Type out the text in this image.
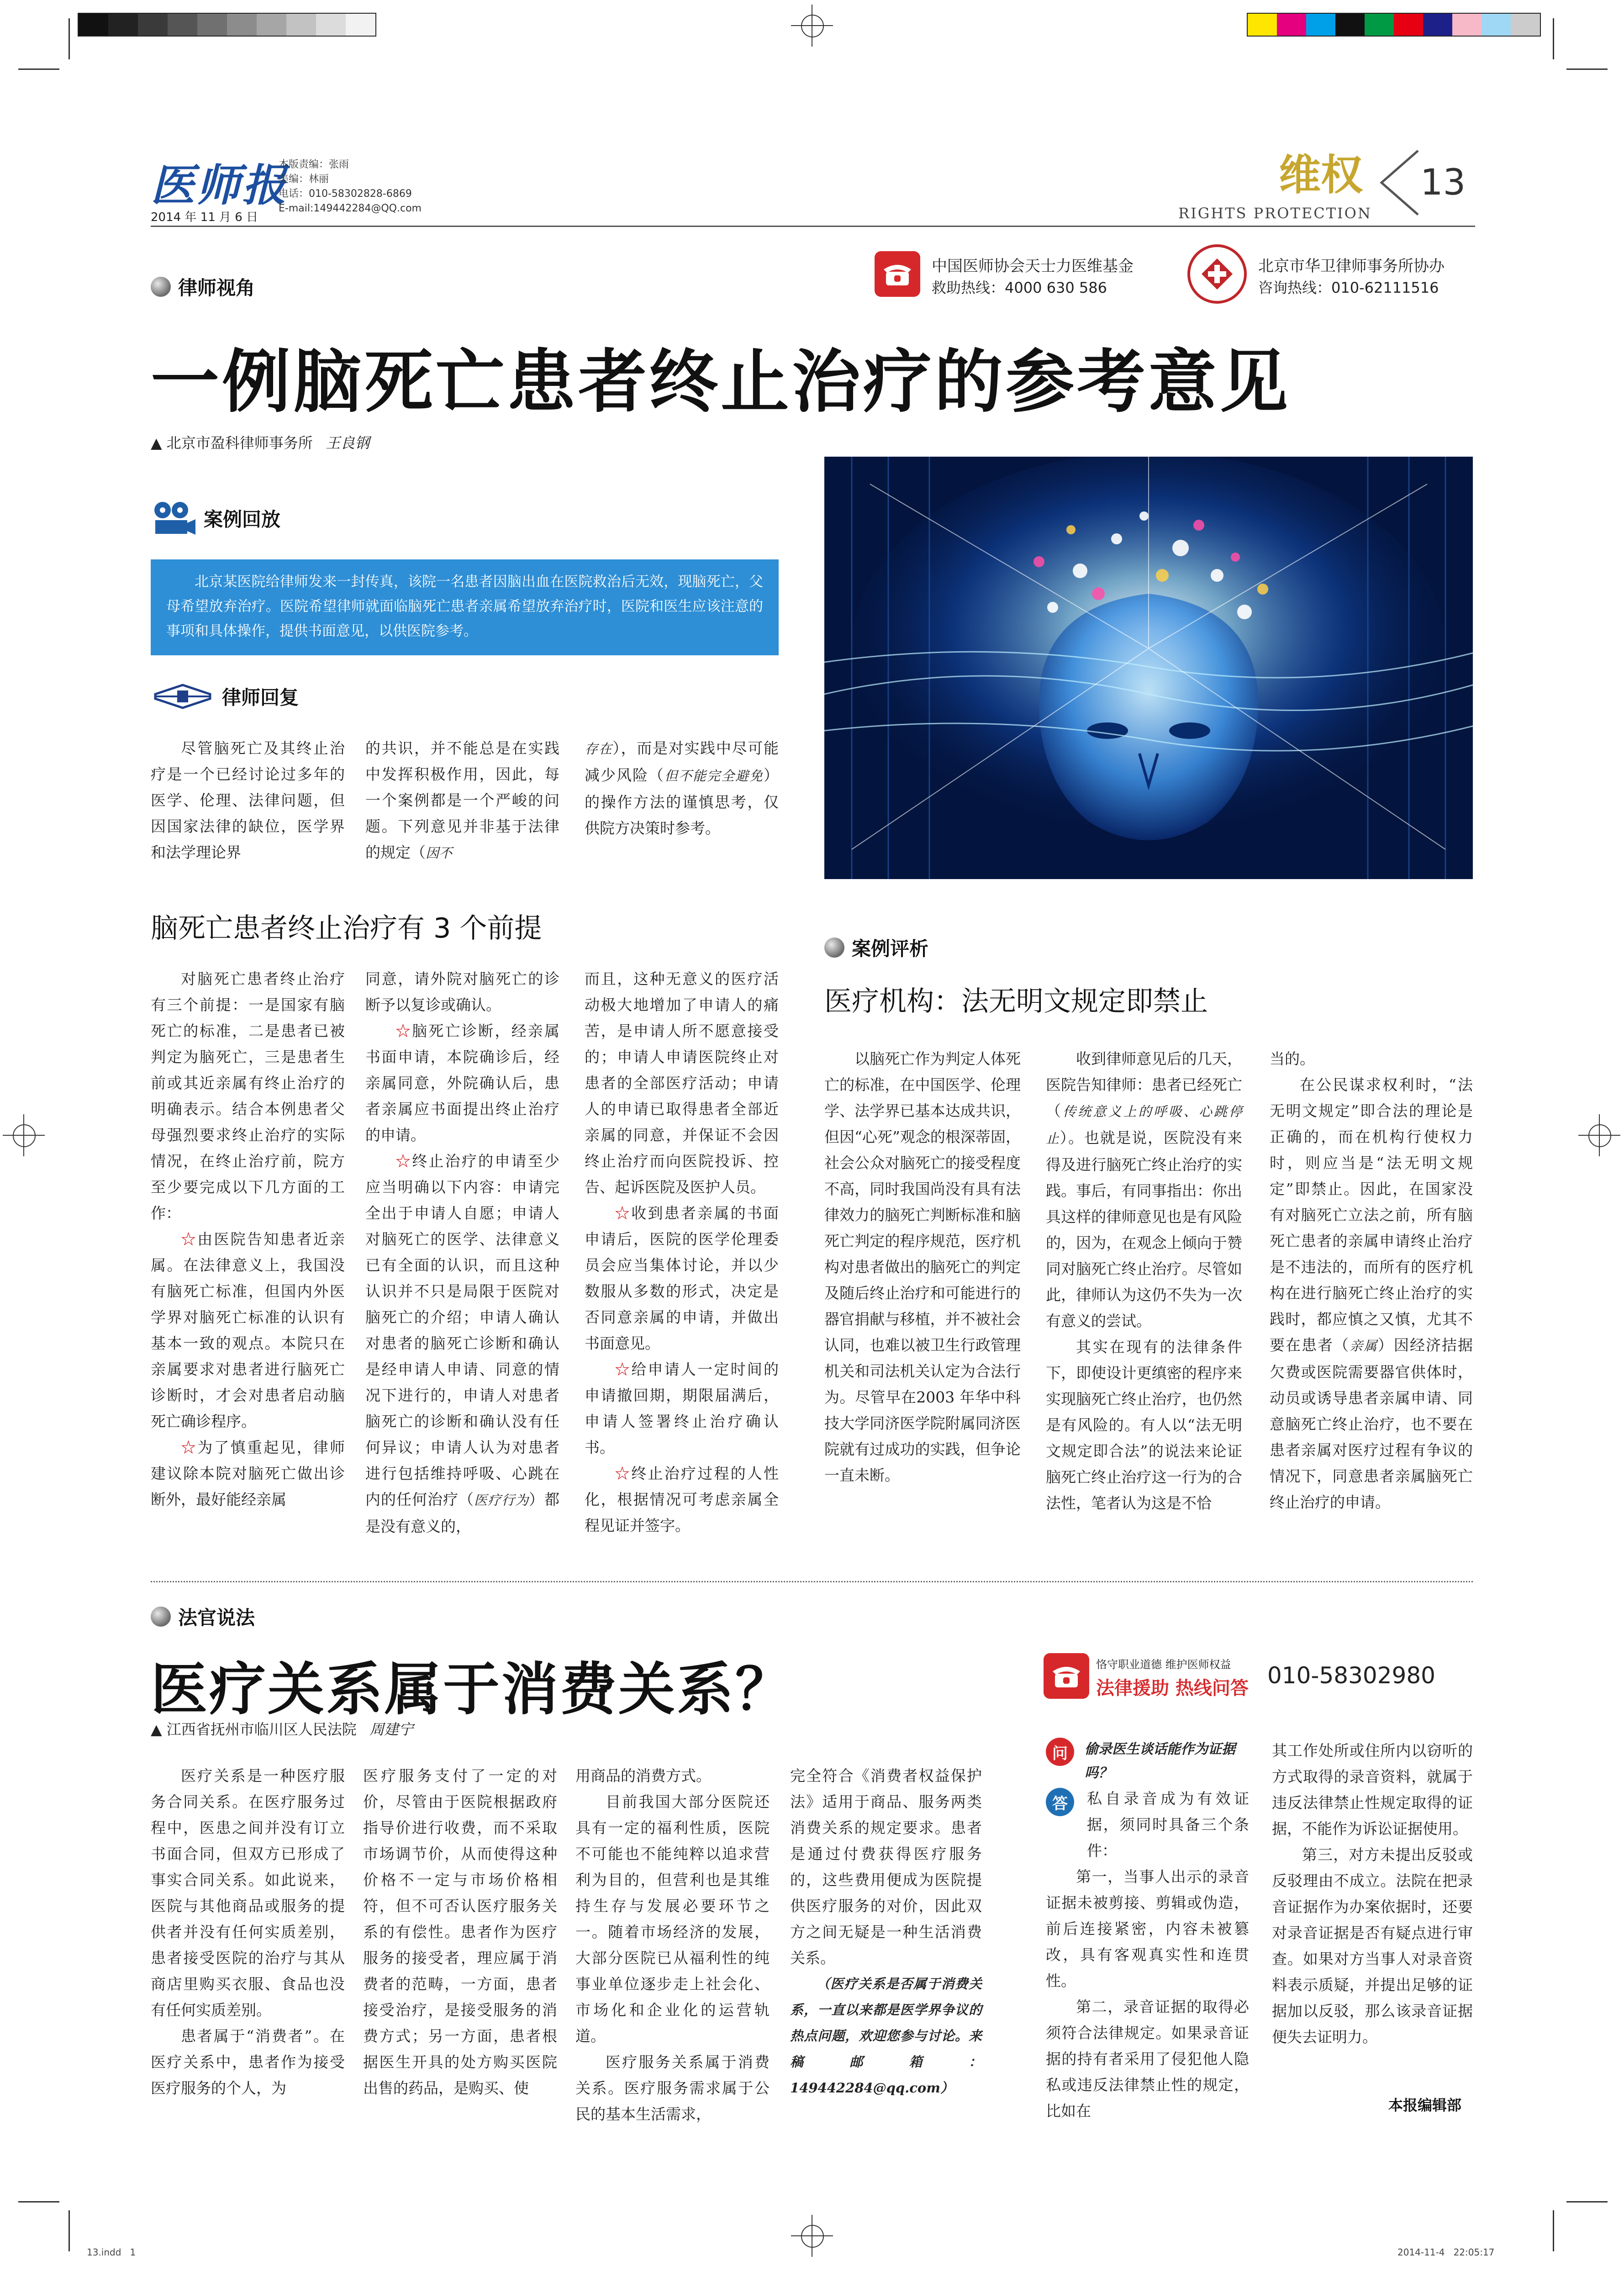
医师报
2014 年 11 月 6 日
本版责编：张雨
美编：林丽
电话：010-58302828-6869
E-mail:149442284@QQ.com
维权 13
RIGHTS PROTECTION
中国医师协会天士力医维基金
救助热线：4000 630 586
北京市华卫律师事务所协办
咨询热线：010-62111516
律师视角
一例脑死亡患者终止治疗的参考意见
▲ 北京市盈科律师事务所 王良钢
案例回放
北京某医院给律师发来一封传真，该院一名患者因脑出血在医院救治后无效，现脑死亡，父母希望放弃治疗。医院希望律师就面临脑死亡患者亲属希望放弃治疗时，医院和医生应该注意的事项和具体操作，提供书面意见，以供医院参考。
律师回复

尽管脑死亡及其终止治疗是一个已经讨论过多年的医学、伦理、法律问题，但因国家法律的缺位，医学界和法学理论界

的共识，并不能总是在实践中发挥积极作用，因此，每一个案例都是一个严峻的问题。下列意见并非基于法律的规定（因不

存在），而是对实践中尽可能减少风险（但不能完全避免）的操作方法的谨慎思考，仅供院方决策时参考。

脑死亡患者终止治疗有 3 个前提

对脑死亡患者终止治疗有三个前提：一是国家有脑死亡的标准，二是患者已被判定为脑死亡，三是患者生前或其近亲属有终止治疗的明确表示。结合本例患者父母强烈要求终止治疗的实际情况，在终止治疗前，院方至少要完成以下几方面的工作：

☆由医院告知患者近亲属。在法律意义上，我国没有脑死亡标准，但国内外医学界对脑死亡标准的认识有基本一致的观点。本院只在亲属要求对患者进行脑死亡诊断时，才会对患者启动脑死亡确诊程序。

☆为了慎重起见，律师建议除本院对脑死亡做出诊断外，最好能经亲属

同意，请外院对脑死亡的诊断予以复诊或确认。

☆脑死亡诊断，经亲属书面申请，本院确诊后，经亲属同意，外院确认后，患者亲属应书面提出终止治疗的申请。

☆终止治疗的申请至少应当明确以下内容：申请完全出于申请人自愿；申请人对脑死亡的医学、法律意义已有全面的认识，而且这种认识并不只是局限于医院对脑死亡的介绍；申请人确认对患者的脑死亡诊断和确认是经申请人申请、同意的情况下进行的，申请人对患者脑死亡的诊断和确认没有任何异议；申请人认为对患者进行包括维持呼吸、心跳在内的任何治疗（医疗行为）都是没有意义的，

而且，这种无意义的医疗活动极大地增加了申请人的痛苦，是申请人所不愿意接受的；申请人申请医院终止对患者的全部医疗活动；申请人的申请已取得患者全部近亲属的同意，并保证不会因终止治疗而向医院投诉、控告、起诉医院及医护人员。

☆收到患者亲属的书面申请后，医院的医学伦理委员会应当集体讨论，并以少数服从多数的形式，决定是否同意亲属的申请，并做出书面意见。

☆给申请人一定时间的申请撤回期，期限届满后，申请人签署终止治疗确认书。

☆终止治疗过程的人性化，根据情况可考虑亲属全程见证并签字。

案例评析
医疗机构：法无明文规定即禁止

以脑死亡作为判定人体死亡的标准，在中国医学、伦理学、法学界已基本达成共识，但因“心死”观念的根深蒂固，社会公众对脑死亡的接受程度不高，同时我国尚没有具有法律效力的脑死亡判断标准和脑死亡判定的程序规范，医疗机构对患者做出的脑死亡的判定及随后终止治疗和可能进行的器官捐献与移植，并不被社会认同，也难以被卫生行政管理机关和司法机关认定为合法行为。尽管早在2003 年华中科技大学同济医学院附属同济医院就有过成功的实践，但争论一直未断。

收到律师意见后的几天，医院告知律师：患者已经死亡（传统意义上的呼吸、心跳停止）。也就是说，医院没有来得及进行脑死亡终止治疗的实践。事后，有同事指出：你出具这样的律师意见也是有风险的，因为，在观念上倾向于赞同对脑死亡终止治疗。尽管如此，律师认为这仍不失为一次有意义的尝试。

其实在现有的法律条件下，即使设计更缜密的程序来实现脑死亡终止治疗，也仍然是有风险的。有人以“法无明文规定即合法”的说法来论证脑死亡终止治疗这一行为的合法性，笔者认为这是不恰

当的。

在公民谋求权利时，“法无明文规定”即合法的理论是正确的，而在机构行使权力时，则应当是“法无明文规定”即禁止。因此，在国家没有对脑死亡立法之前，所有脑死亡患者的亲属申请终止治疗是不违法的，而所有的医疗机构在进行脑死亡终止治疗的实践时，都应慎之又慎，尤其不要在患者（亲属）因经济拮据欠费或医院需要器官供体时，动员或诱导患者亲属申请、同意脑死亡终止治疗，也不要在患者亲属对医疗过程有争议的情况下，同意患者亲属脑死亡终止治疗的申请。

法官说法
医疗关系属于消费关系？
▲ 江西省抚州市临川区人民法院 周建宁

医疗关系是一种医疗服务合同关系。在医疗服务过程中，医患之间并没有订立书面合同，但双方已形成了事实合同关系。如此说来，医院与其他商品或服务的提供者并没有任何实质差别，患者接受医院的治疗与其从商店里购买衣服、食品也没有任何实质差别。

患者属于“消费者”。在医疗关系中，患者作为接受医疗服务的个人，为

医疗服务支付了一定的对价，尽管由于医院根据政府指导价进行收费，而不采取市场调节价，从而使得这种价格不一定与市场价格相符，但不可否认医疗服务关系的有偿性。患者作为医疗服务的接受者，理应属于消费者的范畴，一方面，患者接受治疗，是接受服务的消费方式；另一方面，患者根据医生开具的处方购买医院出售的药品，是购买、使

用商品的消费方式。

目前我国大部分医院还具有一定的福利性质，医院不可能也不能纯粹以追求营利为目的，但营利也是其维持生存与发展必要环节之一。随着市场经济的发展，大部分医院已从福利性的纯事业单位逐步走上社会化、市场化和企业化的运营轨道。

医疗服务关系属于消费关系。医疗服务需求属于公民的基本生活需求，

完全符合《消费者权益保护法》适用于商品、服务两类消费关系的规定要求。患者是通过付费获得医疗服务的，这些费用便成为医院提供医疗服务的对价，因此双方之间无疑是一种生活消费关系。

（医疗关系是否属于消费关系，一直以来都是医学界争议的热点问题，欢迎您参与讨论。来稿邮箱：149442284@qq.com）

恪守职业道德 维护医师权益
法律援助 热线问答 010-58302980
问 偷录医生谈话能作为证据吗？
答	私自录音成为有效证据，须同时具备三个条件：

第一，当事人出示的录音证据未被剪接、剪辑或伪造，前后连接紧密，内容未被篡改，具有客观真实性和连贯性。

第二，录音证据的取得必须符合法律规定。如果录音证据的持有者采用了侵犯他人隐私或违反法律禁止性的规定，比如在

其工作处所或住所内以窃听的方式取得的录音资料，就属于违反法律禁止性规定取得的证据，不能作为诉讼证据使用。

第三，对方未提出反驳或反驳理由不成立。法院在把录音证据作为办案依据时，还要对录音证据是否有疑点进行审查。如果对方当事人对录音资料表示质疑，并提出足够的证据加以反驳，那么该录音证据便失去证明力。

本报编辑部
13.indd   1	2014-11-4   22:05:17
